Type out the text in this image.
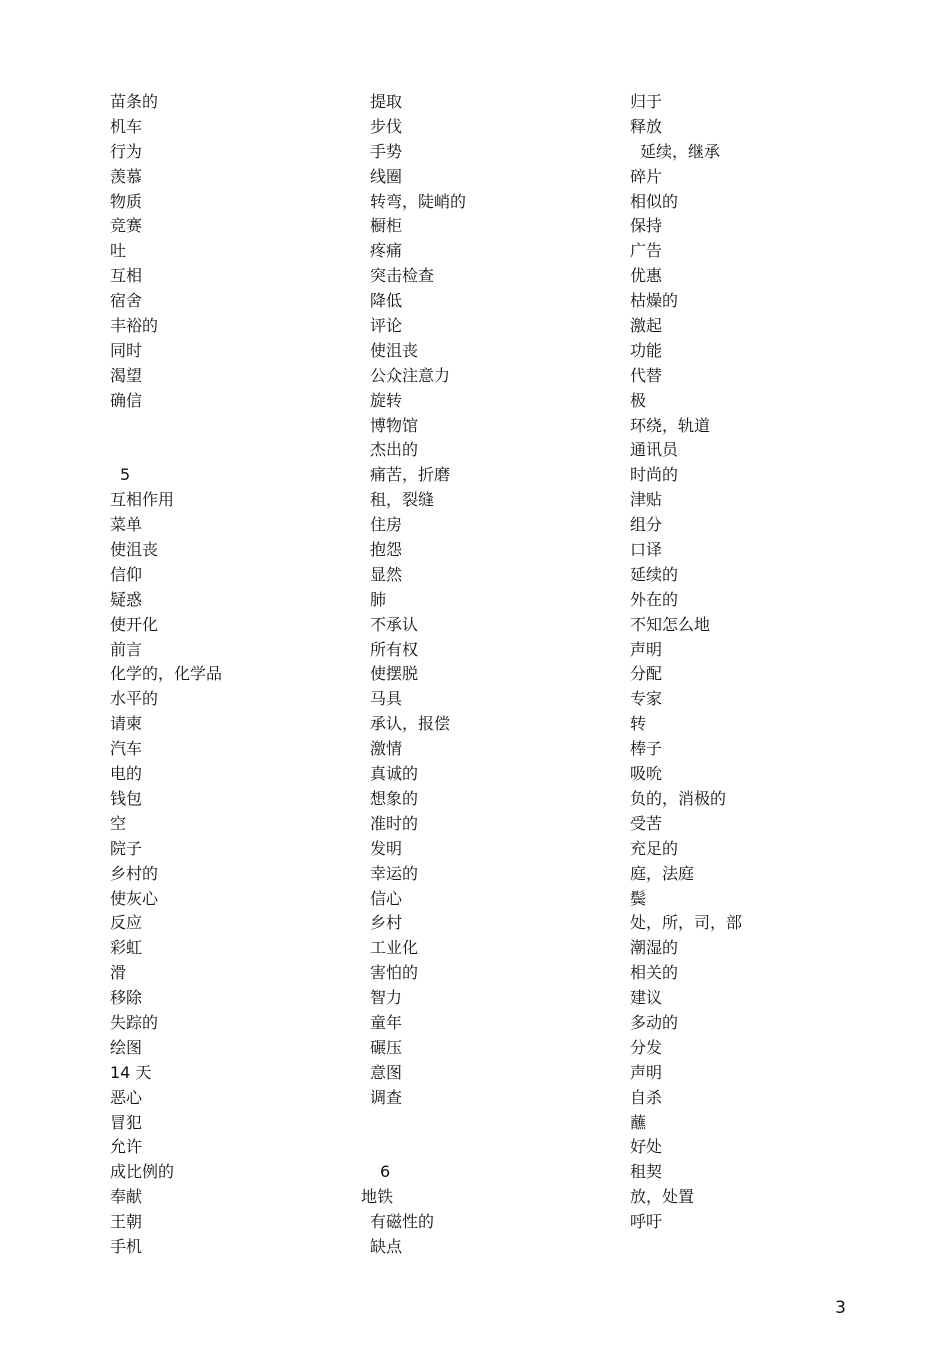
苗条的
机车
行为
羡慕
物质
竞赛
吐
互相
宿舍
丰裕的
同时
渴望
确信
5
互相作用
菜单
使沮丧
信仰
疑惑
使开化
前言
化学的，化学品
水平的
请柬
汽车
电的
钱包
空
院子
乡村的
使灰心
反应
彩虹
滑
移除
失踪的
绘图
14 天
恶心
冒犯
允许
成比例的
奉献
王朝
手机
提取
步伐
手势
线圈
转弯，陡峭的
橱柜
疼痛
突击检查
降低
评论
使沮丧
公众注意力
旋转
博物馆
杰出的
痛苦，折磨
租，裂缝
住房
抱怨
显然
肺
不承认
所有权
使摆脱
马具
承认，报偿
激情
真诚的
想象的
准时的
发明
幸运的
信心
乡村
工业化
害怕的
智力
童年
碾压
意图
调查
6
地铁
有磁性的
缺点
归于
释放
延续，继承
碎片
相似的
保持
广告
优惠
枯燥的
激起
功能
代替
极
环绕，轨道
通讯员
时尚的
津贴
组分
口译
延续的
外在的
不知怎么地
声明
分配
专家
转
棒子
吸吮
负的，消极的
受苦
充足的
庭，法庭
鬓
处，所，司，部
潮湿的
相关的
建议
多动的
分发
声明
自杀
蘸
好处
租契
放，处置
呼吁
3
